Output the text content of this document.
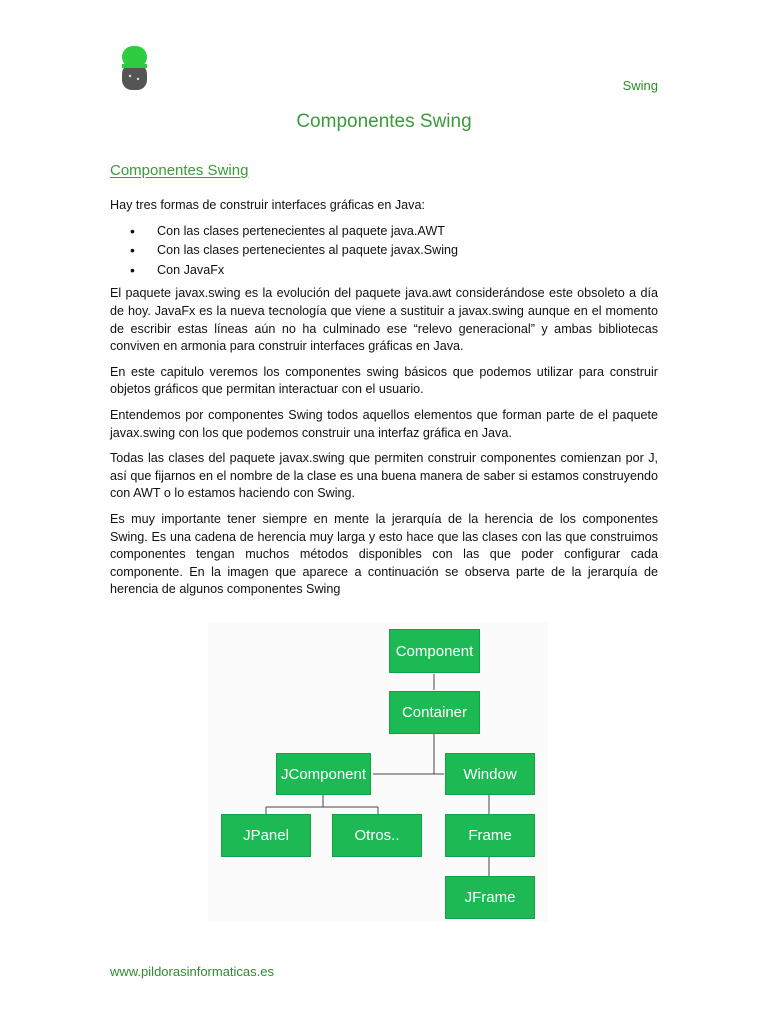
Swing
Componentes Swing
Componentes Swing

Hay tres formas de construir interfaces gráficas en Java:

• Con las clases pertenecientes al paquete java.AWT
• Con las clases pertenecientes al paquete javax.Swing
• Con JavaFx

El paquete javax.swing es la evolución del paquete java.awt considerándose este obsoleto a día de hoy. JavaFx es la nueva tecnología que viene a sustituir a javax.swing aunque en el momento de escribir estas líneas aún no ha culminado ese “relevo generacional” y ambas bibliotecas conviven en armonia para construir interfaces gráficas en Java.

En este capitulo veremos los componentes swing básicos que podemos utilizar para construir objetos gráficos que permitan interactuar con el usuario.

Entendemos por componentes Swing todos aquellos elementos que forman parte de el paquete javax.swing con los que podemos construir una interfaz gráfica en Java.

Todas las clases del paquete javax.swing que permiten construir componentes comienzan por J, así que fijarnos en el nombre de la clase es una buena manera de saber si estamos construyendo con AWT o lo estamos haciendo con Swing.

Es muy importante tener siempre en mente la jerarquía de la herencia de los componentes Swing. Es una cadena de herencia muy larga y esto hace que las clases con las que construimos componentes tengan muchos métodos disponibles con las que poder configurar cada componente. En la imagen que aparece a continuación se observa parte de la jerarquía de herencia de algunos componentes Swing

Component
Container
JComponent	Window
JPanel	Otros..	Frame
JFrame
www.pildorasinformaticas.es
